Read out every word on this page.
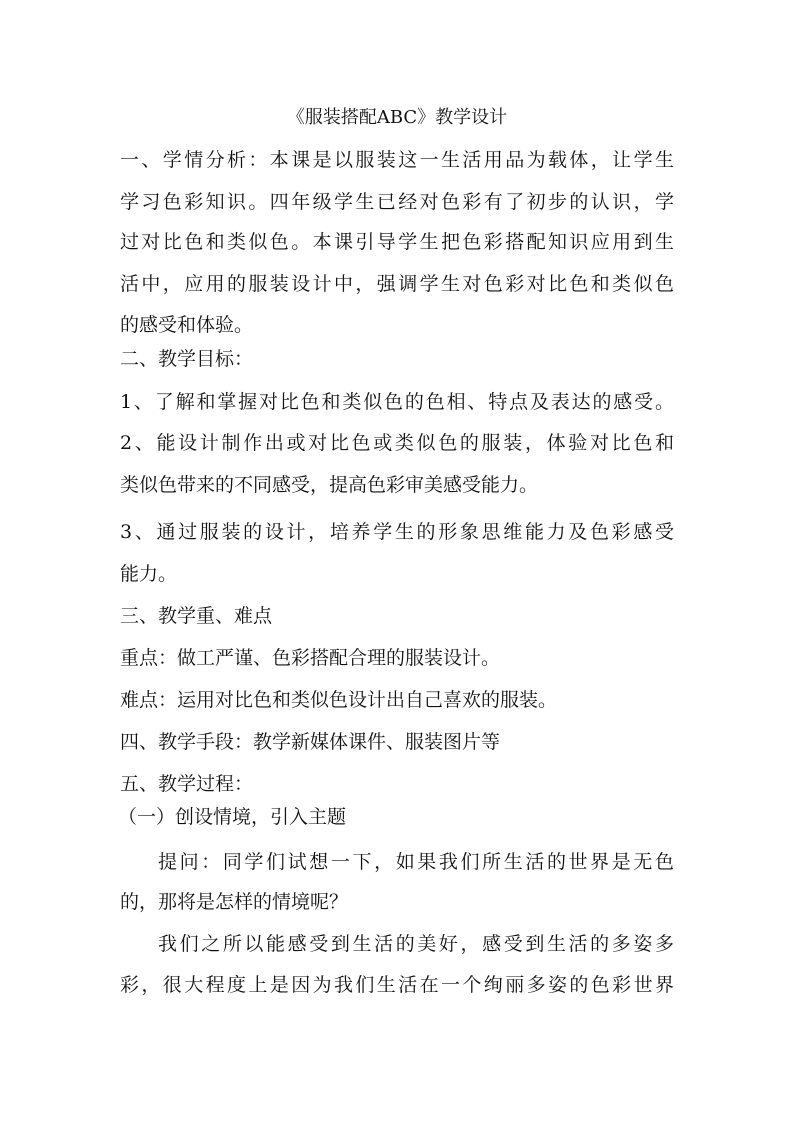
《服装搭配ABC》教学设计
一、学情分析：本课是以服装这一生活用品为载体，让学生
学习色彩知识。四年级学生已经对色彩有了初步的认识，学
过对比色和类似色。本课引导学生把色彩搭配知识应用到生
活中，应用的服装设计中，强调学生对色彩对比色和类似色
的感受和体验。
二、教学目标：
1、了解和掌握对比色和类似色的色相、特点及表达的感受。
2、能设计制作出或对比色或类似色的服装，体验对比色和
类似色带来的不同感受，提高色彩审美感受能力。
3、通过服装的设计，培养学生的形象思维能力及色彩感受
能力。
三、教学重、难点
重点：做工严谨、色彩搭配合理的服装设计。
难点：运用对比色和类似色设计出自己喜欢的服装。
四、教学手段：教学新媒体课件、服装图片等
五、教学过程：
（一）创设情境，引入主题
提问：同学们试想一下，如果我们所生活的世界是无色
的，那将是怎样的情境呢？
我们之所以能感受到生活的美好，感受到生活的多姿多
彩，很大程度上是因为我们生活在一个绚丽多姿的色彩世界
